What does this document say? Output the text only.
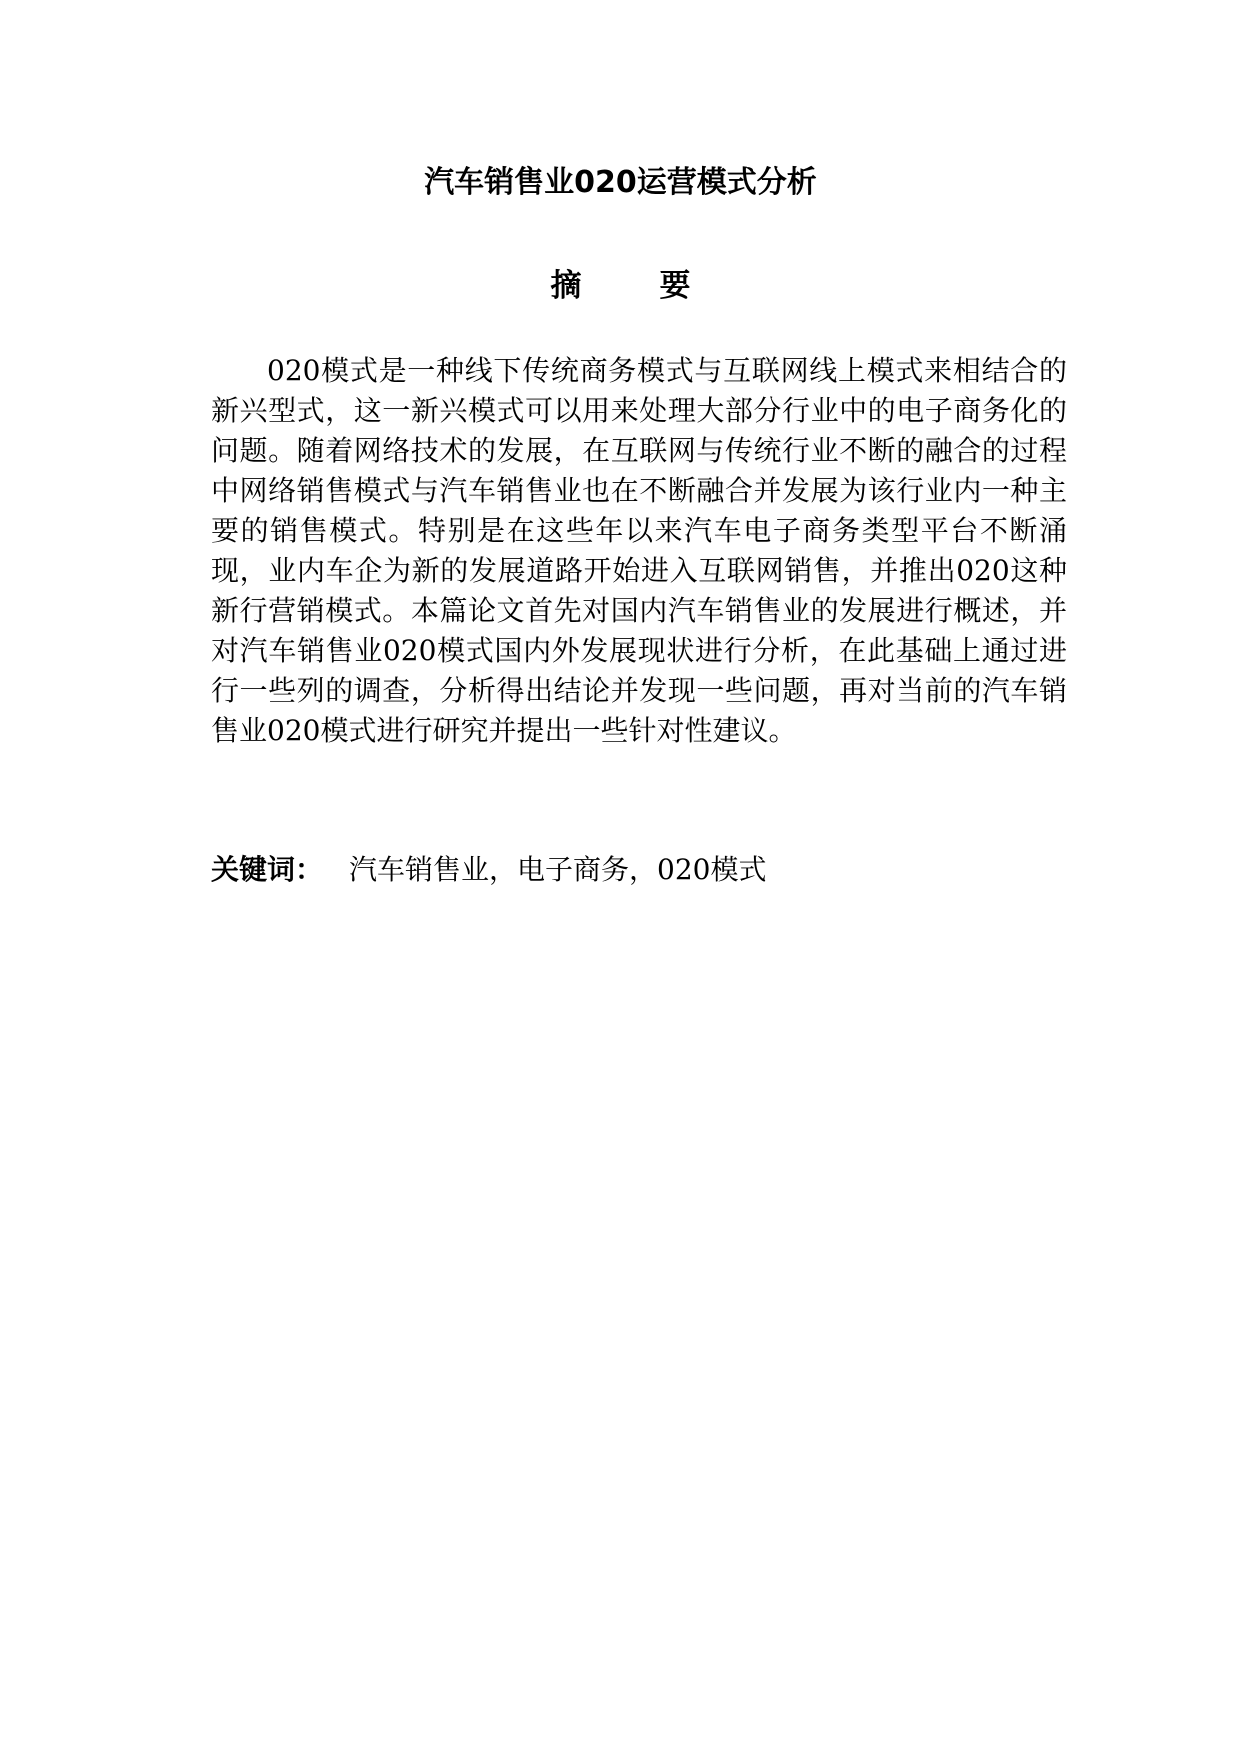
汽车销售业020运营模式分析
摘	要

020模式是一种线下传统商务模式与互联网线上模式来相结合的新兴型式，这一新兴模式可以用来处理大部分行业中的电子商务化的问题。随着网络技术的发展，在互联网与传统行业不断的融合的过程中网络销售模式与汽车销售业也在不断融合并发展为该行业内一种主要的销售模式。特别是在这些年以来汽车电子商务类型平台不断涌现，业内车企为新的发展道路开始进入互联网销售，并推出020这种新行营销模式。本篇论文首先对国内汽车销售业的发展进行概述，并对汽车销售业020模式国内外发展现状进行分析，在此基础上通过进行一些列的调查，分析得出结论并发现一些问题，再对当前的汽车销售业020模式进行研究并提出一些针对性建议。

关键词： 汽车销售业，电子商务，020模式
